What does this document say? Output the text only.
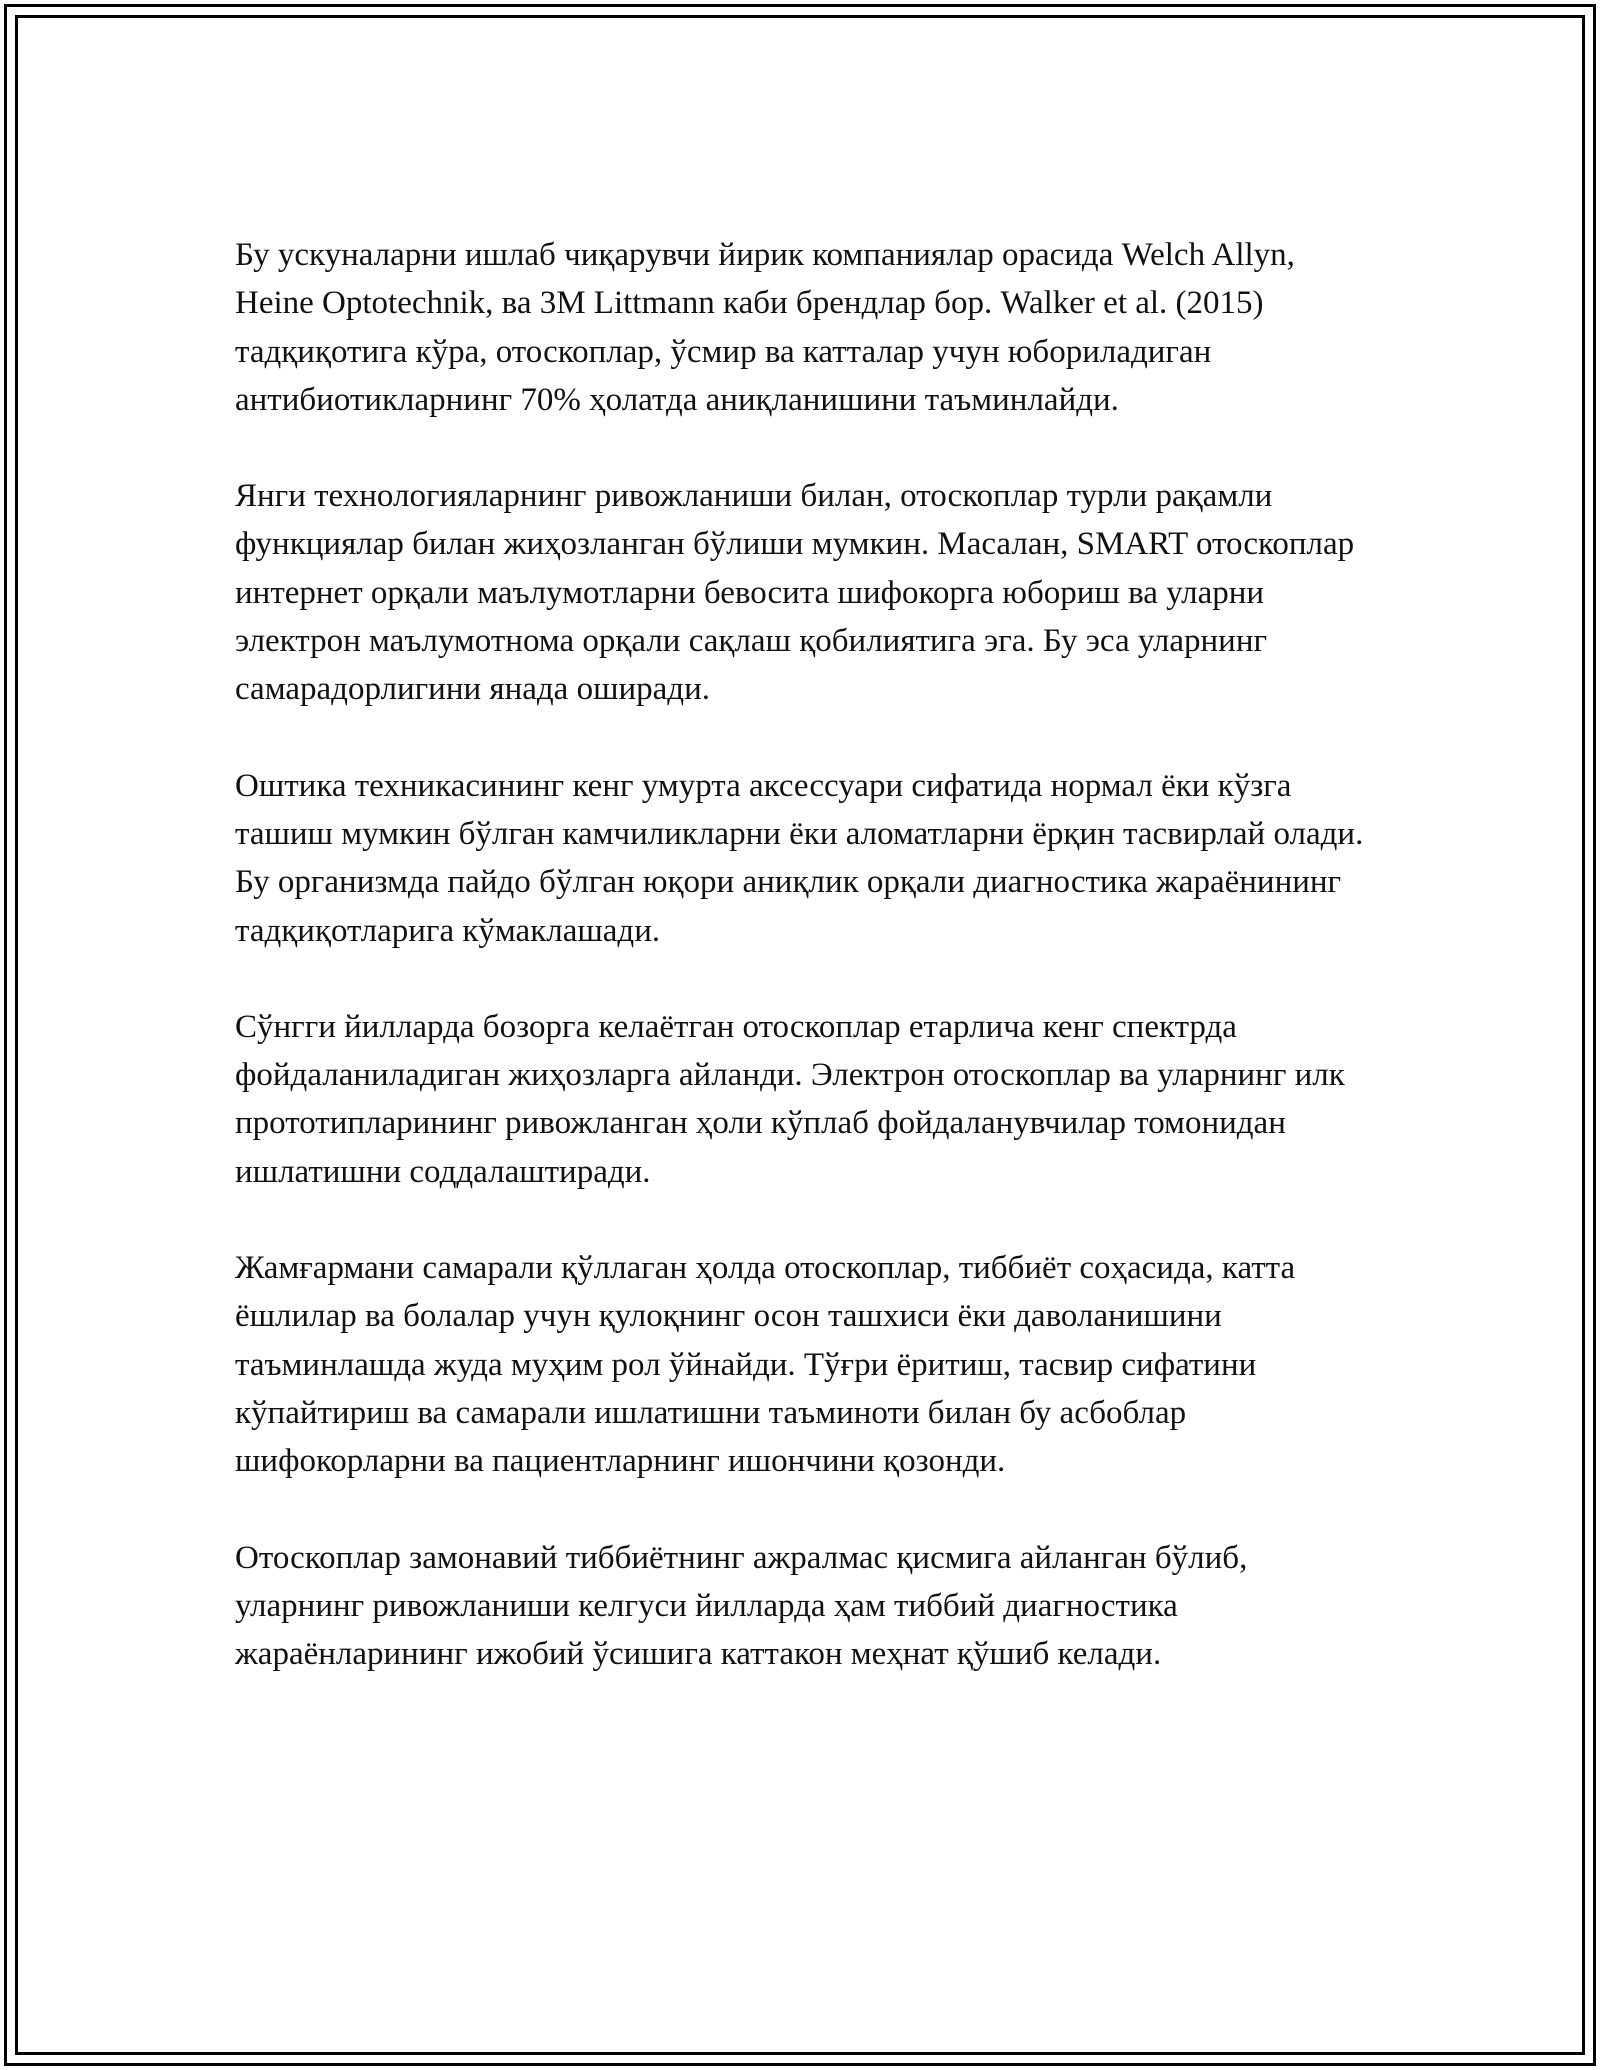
Бу ускуналарни ишлаб чиқарувчи йирик компаниялар орасида Welch Allyn, Heine Optotechnik, ва 3M Littmann каби брендлар бор. Walker et al. (2015) тадқиқотига кўра, отоскоплар, ўсмир ва катталар учун юбориладиган антибиотикларнинг 70% ҳолатда аниқланишини таъминлайди.

Янги технологияларнинг ривожланиши билан, отоскоплар турли рақамли функциялар билан жиҳозланган бўлиши мумкин. Масалан, SMART отоскоплар интернет орқали маълумотларни бевосита шифокорга юбориш ва уларни электрон маълумотнома орқали сақлаш қобилиятига эга. Бу эса уларнинг самарадорлигини янада оширади.

Оштика техникасининг кенг умурта аксессуари сифатида нормал ёки кўзга ташиш мумкин бўлган камчиликларни ёки аломатларни ёрқин тасвирлай олади. Бу организмда пайдо бўлган юқори аниқлик орқали диагностика жараёнининг тадқиқотларига кўмаклашади.

Сўнгги йилларда бозорга келаётган отоскоплар етарлича кенг спектрда фойдаланиладиган жиҳозларга айланди. Электрон отоскоплар ва уларнинг илк прототипларининг ривожланган ҳоли кўплаб фойдаланувчилар томонидан ишлатишни соддалаштиради.

Жамғармани самарали қўллаган ҳолда отоскоплар, тиббиёт соҳасида, катта ёшлилар ва болалар учун қулоқнинг осон ташхиси ёки даволанишини таъминлашда жуда муҳим рол ўйнайди. Тўғри ёритиш, тасвир сифатини кўпайтириш ва самарали ишлатишни таъминоти билан бу асбоблар шифокорларни ва пациентларнинг ишончини қозонди.

Отоскоплар замонавий тиббиётнинг ажралмас қисмига айланган бўлиб, уларнинг ривожланиши келгуси йилларда ҳам тиббий диагностика жараёнларининг ижобий ўсишига каттакон меҳнат қўшиб келади.
